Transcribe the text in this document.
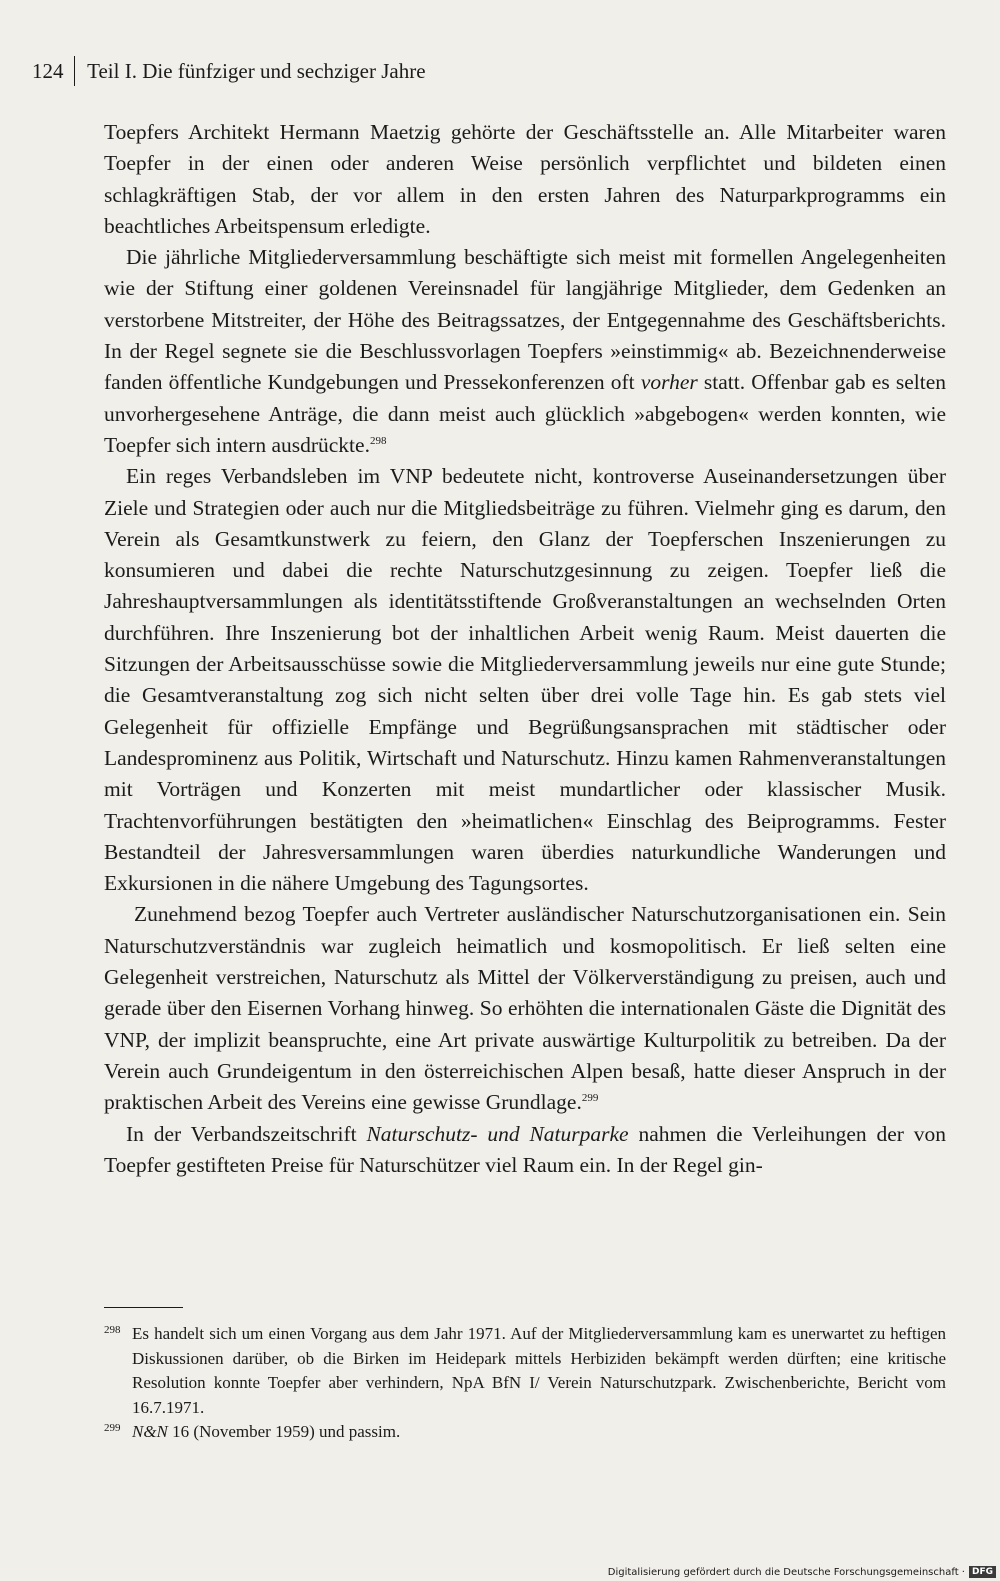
124 Teil I. Die fünfziger und sechziger Jahre

Toepfers Architekt Hermann Maetzig gehörte der Geschäftsstelle an. Alle Mitarbeiter waren Toepfer in der einen oder anderen Weise persönlich verpflichtet und bildeten einen schlagkräftigen Stab, der vor allem in den ersten Jahren des Naturparkprogramms ein beachtliches Arbeitspensum erledigte.

Die jährliche Mitgliederversammlung beschäftigte sich meist mit formellen Angelegenheiten wie der Stiftung einer goldenen Vereinsnadel für langjährige Mitglieder, dem Gedenken an verstorbene Mitstreiter, der Höhe des Beitragssatzes, der Entgegennahme des Geschäftsberichts. In der Regel segnete sie die Beschlussvorlagen Toepfers »einstimmig« ab. Bezeichnenderweise fanden öffentliche Kundgebungen und Pressekonferenzen oft vorher statt. Offenbar gab es selten unvorhergesehene Anträge, die dann meist auch glücklich »abgebogen« werden konnten, wie Toepfer sich intern ausdrückte.$^{298}$

Ein reges Verbandsleben im VNP bedeutete nicht, kontroverse Auseinandersetzungen über Ziele und Strategien oder auch nur die Mitgliedsbeiträge zu führen. Vielmehr ging es darum, den Verein als Gesamtkunstwerk zu feiern, den Glanz der Toepferschen Inszenierungen zu konsumieren und dabei die rechte Naturschutzgesinnung zu zeigen. Toepfer ließ die Jahreshauptversammlungen als identitätsstiftende Großveranstaltungen an wechselnden Orten durchführen. Ihre Inszenierung bot der inhaltlichen Arbeit wenig Raum. Meist dauerten die Sitzungen der Arbeitsausschüsse sowie die Mitgliederversammlung jeweils nur eine gute Stunde; die Gesamtveranstaltung zog sich nicht selten über drei volle Tage hin. Es gab stets viel Gelegenheit für offizielle Empfänge und Begrüßungsansprachen mit städtischer oder Landesprominenz aus Politik, Wirtschaft und Naturschutz. Hinzu kamen Rahmenveranstaltungen mit Vorträgen und Konzerten mit meist mundartlicher oder klassischer Musik. Trachtenvorführungen bestätigten den »heimatlichen« Einschlag des Beiprogramms. Fester Bestandteil der Jahresversammlungen waren überdies naturkundliche Wanderungen und Exkursionen in die nähere Umgebung des Tagungsortes.

Zunehmend bezog Toepfer auch Vertreter ausländischer Naturschutzorganisationen ein. Sein Naturschutzverständnis war zugleich heimatlich und kosmopolitisch. Er ließ selten eine Gelegenheit verstreichen, Naturschutz als Mittel der Völkerverständigung zu preisen, auch und gerade über den Eisernen Vorhang hinweg. So erhöhten die internationalen Gäste die Dignität des VNP, der implizit beanspruchte, eine Art private auswärtige Kulturpolitik zu betreiben. Da der Verein auch Grundeigentum in den österreichischen Alpen besaß, hatte dieser Anspruch in der praktischen Arbeit des Vereins eine gewisse Grundlage.$^{299}$

In der Verbandszeitschrift Naturschutz- und Naturparke nahmen die Verleihungen der von Toepfer gestifteten Preise für Naturschützer viel Raum ein. In der Regel gin-

298 Es handelt sich um einen Vorgang aus dem Jahr 1971. Auf der Mitgliederversammlung kam es unerwartet zu heftigen Diskussionen darüber, ob die Birken im Heidepark mittels Herbiziden bekämpft werden dürften; eine kritische Resolution konnte Toepfer aber verhindern, NpA BfN I/ Verein Naturschutzpark. Zwischenberichte, Bericht vom 16.7.1971.
299 N&N 16 (November 1959) und passim.
Digitalisierung gefördert durch die Deutsche Forschungsgemeinschaft · DFG
